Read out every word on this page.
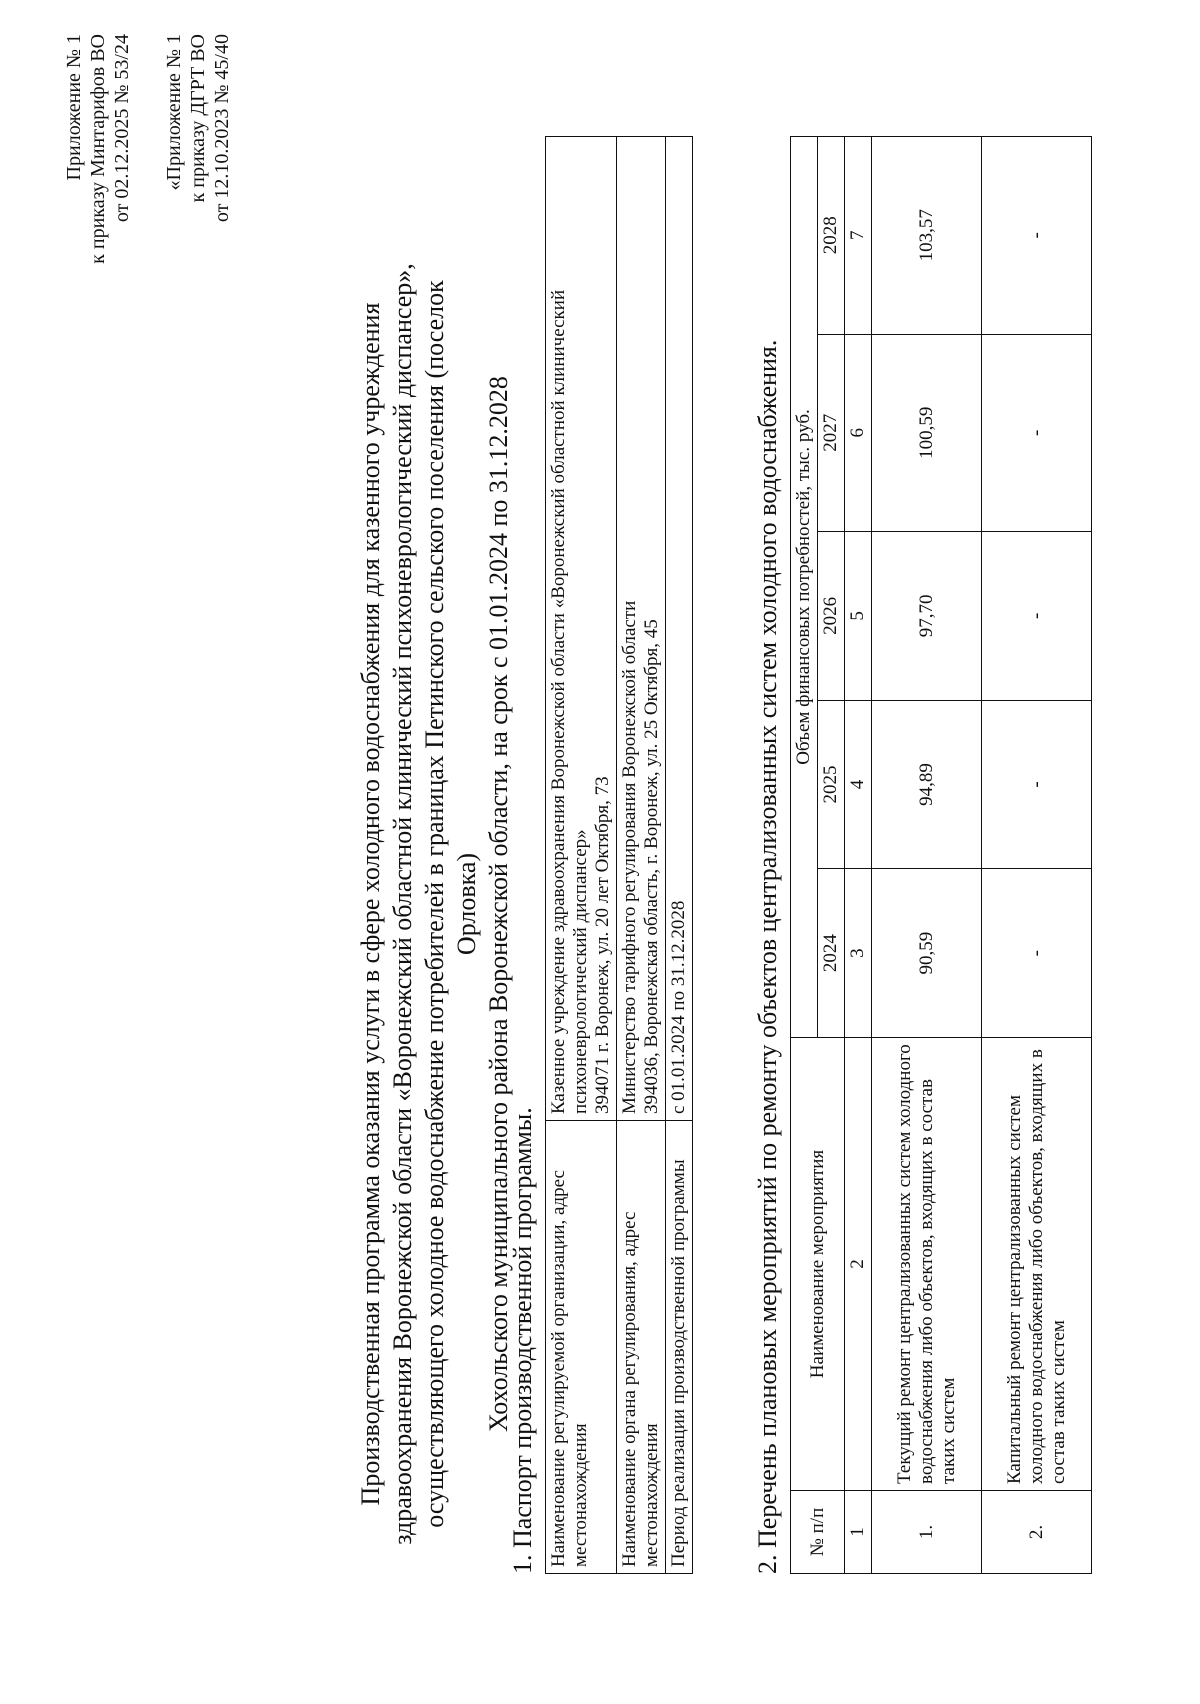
Приложение № 1 к приказу Минтарифов ВО от 02.12.2025 № 53/24 «Приложение № 1 к приказу ДГРТ ВО от 12.10.2023 № 45/40
Производственная программа оказания услуги в сфере холодного водоснабжения для казенного учреждения здравоохранения Воронежской области «Воронежский областной клинический психоневрологический диспансер», осуществляющего холодное водоснабжение потребителей в границах Петинского сельского поселения (поселок Орловка) Хохольского муниципального района Воронежской области, на срок с 01.01.2024 по 31.12.2028
1. Паспорт производственной программы. Наименование регулируемой организации, адрес местонахождения	Казенное учреждение здравоохранения Воронежской области «Воронежский областной клинический психоневрологический диспансер» 394071 г. Воронеж, ул. 20 лет Октября, 73

Наименование органа регулирования, адрес местонахождения	Министерство тарифного регулирования Воронежской области 394036, Воронежская область, г. Воронеж, ул. 25 Октября, 45

Период реализации производственной программы	с 01.01.2024 по 31.12.2028 2. Перечень плановых мероприятий по ремонту объектов централизованных систем холодного водоснабжения. № п/п	Наименование мероприятия	Объем финансовых потребностей, тыс. руб.				
		2024	2025	2026	2027	2028
1	2	3	4	5	6	7
1.	Текущий ремонт централизованных систем холодного водоснабжения либо объектов, входящих в состав таких систем	90,59	94,89	97,70	100,59	103,57
2.	Капитальный ремонт централизованных систем холодного водоснабжения либо объектов, входящих в состав таких систем	-	-	-	-	-
